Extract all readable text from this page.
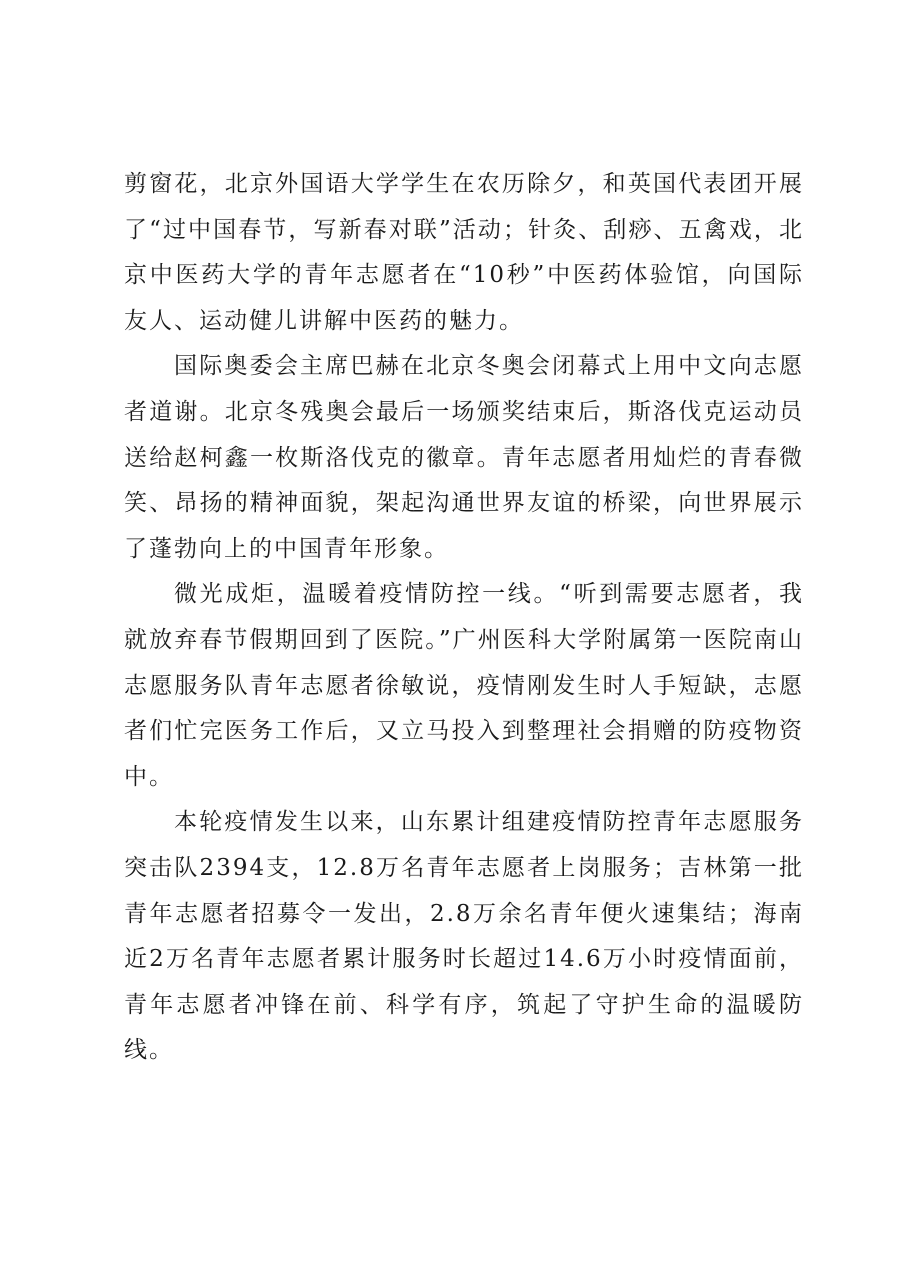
剪窗花，北京外国语大学学生在农历除夕，和英国代表团开展了“过中国春节，写新春对联”活动；针灸、刮痧、五禽戏，北京中医药大学的青年志愿者在“10秒”中医药体验馆，向国际友人、运动健儿讲解中医药的魅力。

国际奥委会主席巴赫在北京冬奥会闭幕式上用中文向志愿者道谢。北京冬残奥会最后一场颁奖结束后，斯洛伐克运动员送给赵柯鑫一枚斯洛伐克的徽章。青年志愿者用灿烂的青春微笑、昂扬的精神面貌，架起沟通世界友谊的桥梁，向世界展示了蓬勃向上的中国青年形象。

微光成炬，温暖着疫情防控一线。“听到需要志愿者，我就放弃春节假期回到了医院。”广州医科大学附属第一医院南山志愿服务队青年志愿者徐敏说，疫情刚发生时人手短缺，志愿者们忙完医务工作后，又立马投入到整理社会捐赠的防疫物资中。

本轮疫情发生以来，山东累计组建疫情防控青年志愿服务突击队2394支，12.8万名青年志愿者上岗服务；吉林第一批青年志愿者招募令一发出，2.8万余名青年便火速集结；海南近2万名青年志愿者累计服务时长超过14.6万小时疫情面前，青年志愿者冲锋在前、科学有序，筑起了守护生命的温暖防线。
